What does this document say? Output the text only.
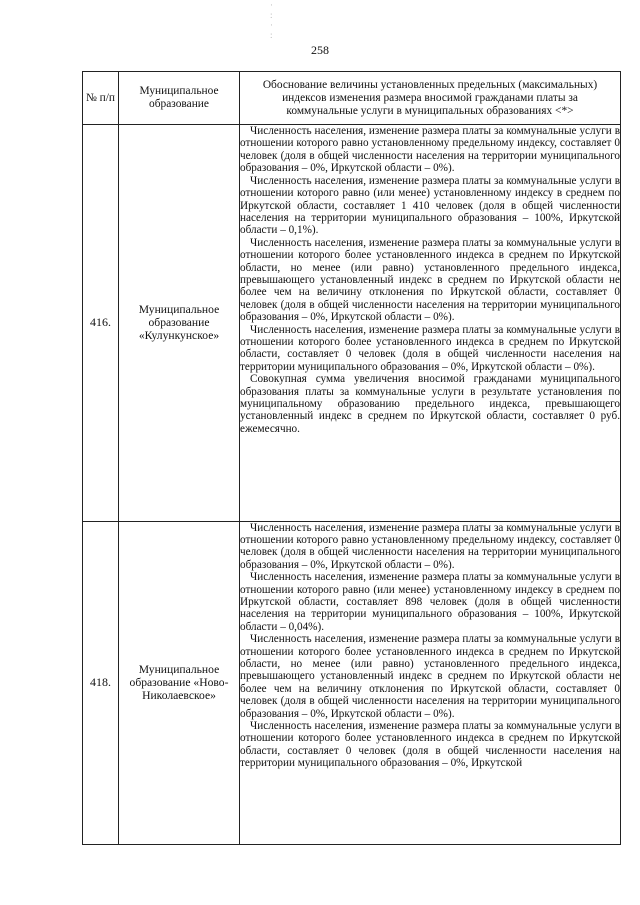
·
:
·
:
258
№ п/п	Муниципальное образование	Обоснование величины установленных предельных (максимальных) индексов изменения размера вносимой гражданами платы за коммунальные услуги в муниципальных образованиях <*>
416.	Муниципальное образование «Кулункунское»	Численность населения, изменение размера платы за коммунальные услуги в отношении которого равно установленному предельному индексу, составляет 0 человек (доля в общей численности населения на территории муниципального образования – 0%, Иркутской области – 0%).

Численность населения, изменение размера платы за коммунальные услуги в отношении которого равно (или менее) установленному индексу в среднем по Иркутской области, составляет 1 410 человек (доля в общей численности населения на территории муниципального образования – 100%, Иркутской области – 0,1%).

Численность населения, изменение размера платы за коммунальные услуги в отношении которого более установленного индекса в среднем по Иркутской области, но менее (или равно) установленного предельного индекса, превышающего установленный индекс в среднем по Иркутской области не более чем на величину отклонения по Иркутской области, составляет 0 человек (доля в общей численности населения на территории муниципального образования – 0%, Иркутской области – 0%).

Численность населения, изменение размера платы за коммунальные услуги в отношении которого более установленного индекса в среднем по Иркутской области, составляет 0 человек (доля в общей численности населения на территории муниципального образования – 0%, Иркутской области – 0%).

Совокупная сумма увеличения вносимой гражданами муниципального образования платы за коммунальные услуги в результате установления по муниципальному образованию предельного индекса, превышающего установленный индекс в среднем по Иркутской области, составляет 0 руб. ежемесячно.

418.	Муниципальное образование «Ново-Николаевское»	Численность населения, изменение размера платы за коммунальные услуги в отношении которого равно установленному предельному индексу, составляет 0 человек (доля в общей численности населения на территории муниципального образования – 0%, Иркутской области – 0%).

Численность населения, изменение размера платы за коммунальные услуги в отношении которого равно (или менее) установленному индексу в среднем по Иркутской области, составляет 898 человек (доля в общей численности населения на территории муниципального образования – 100%, Иркутской области – 0,04%).

Численность населения, изменение размера платы за коммунальные услуги в отношении которого более установленного индекса в среднем по Иркутской области, но менее (или равно) установленного предельного индекса, превышающего установленный индекс в среднем по Иркутской области не более чем на величину отклонения по Иркутской области, составляет 0 человек (доля в общей численности населения на территории муниципального образования – 0%, Иркутской области – 0%).

Численность населения, изменение размера платы за коммунальные услуги в отношении которого более установленного индекса в среднем по Иркутской области, составляет 0 человек (доля в общей численности населения на территории муниципального образования – 0%, Иркутской
